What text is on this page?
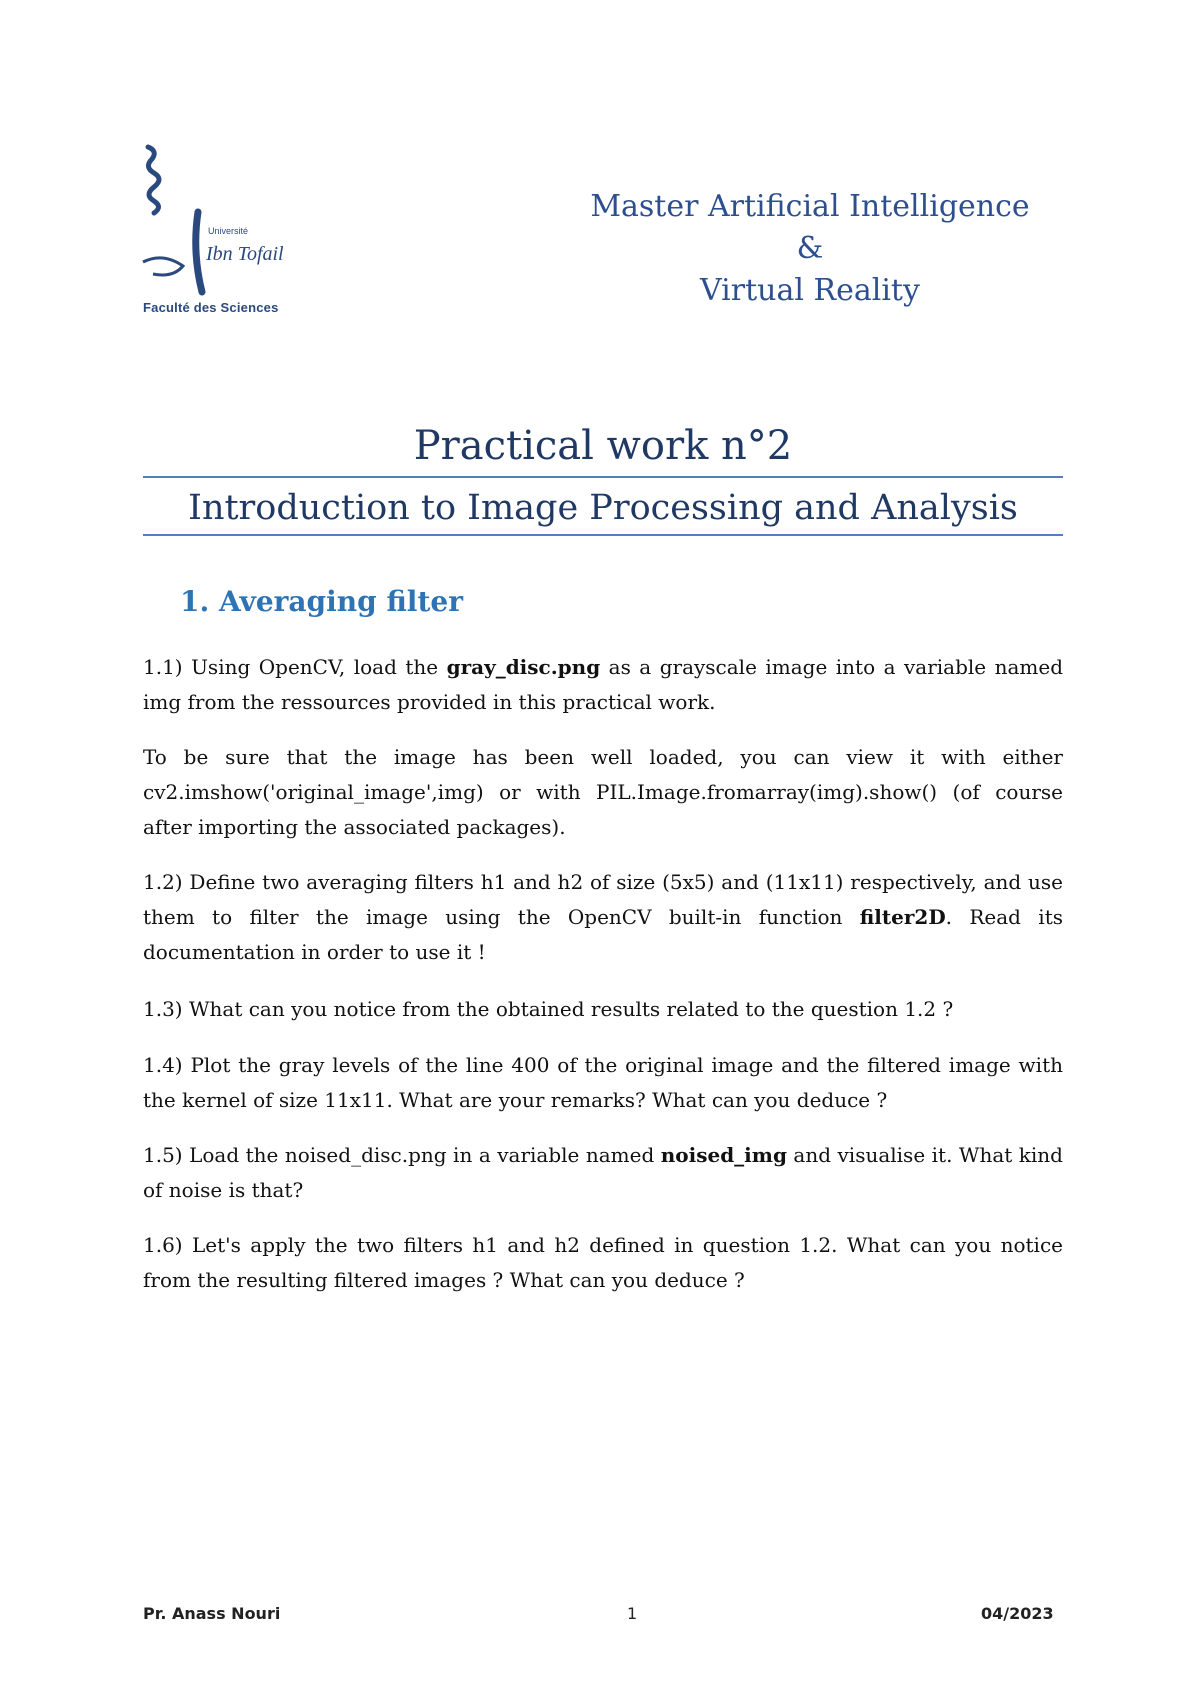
Université
Ibn Tofail
Faculté des Sciences
Master Artificial Intelligence
&
Virtual Reality
Practical work n°2
Introduction to Image Processing and Analysis
1. Averaging filter
1.1) Using OpenCV, load the gray_disc.png as a grayscale image into a variable named img from the ressources provided in this practical work.
To be sure that the image has been well loaded, you can view it with either cv2.imshow('original_image',img) or with PIL.Image.fromarray(img).show() (of course after importing the associated packages).
1.2) Define two averaging filters h1 and h2 of size (5x5) and (11x11) respectively, and use them to filter the image using the OpenCV built-in function filter2D. Read its documentation in order to use it !
1.3) What can you notice from the obtained results related to the question 1.2 ?
1.4) Plot the gray levels of the line 400 of the original image and the filtered image with the kernel of size 11x11. What are your remarks? What can you deduce ?
1.5) Load the noised_disc.png in a variable named noised_img and visualise it. What kind of noise is that?
1.6) Let's apply the two filters h1 and h2 defined in question 1.2. What can you notice from the resulting filtered images ? What can you deduce ?
Pr. Anass Nouri	1	04/2023
